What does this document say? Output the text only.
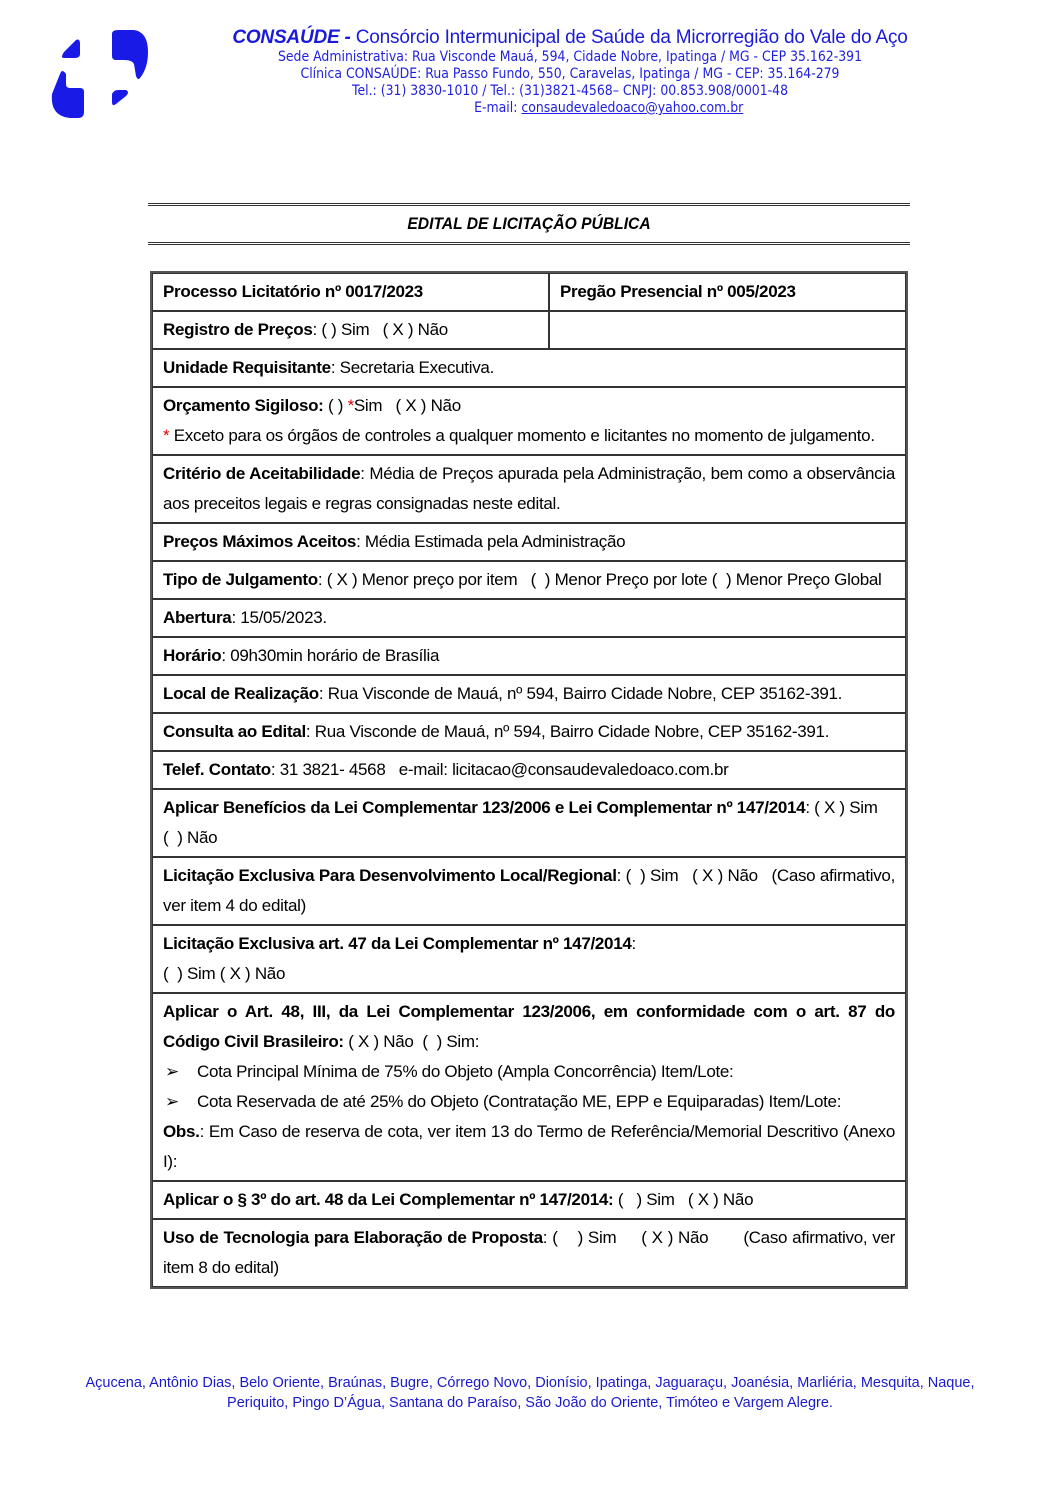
CONSAÚDE - Consórcio Intermunicipal de Saúde da Microrregião do Vale do Aço
Sede Administrativa: Rua Visconde Mauá, 594, Cidade Nobre, Ipatinga / MG - CEP 35.162-391
Clínica CONSAÚDE: Rua Passo Fundo, 550, Caravelas, Ipatinga / MG - CEP: 35.164-279
Tel.: (31) 3830-1010 / Tel.: (31)3821-4568– CNPJ: 00.853.908/0001-48
E-mail: consaudevaledoaco@yahoo.com.br
EDITAL DE LICITAÇÃO PÚBLICA
Processo Licitatório nº 0017/2023	Pregão Presencial nº 005/2023
Registro de Preços: ( ) Sim   ( X ) Não	
Unidade Requisitante: Secretaria Executiva.	

Orçamento Sigiloso: ( ) *Sim   ( X ) Não
* Exceto para os órgãos de controles a qualquer momento e licitantes no momento de julgamento.	

Critério de Aceitabilidade: Média de Preços apurada pela Administração, bem como a observância aos preceitos legais e regras consignadas neste edital.	
Preços Máximos Aceitos: Média Estimada pela Administração	
Tipo de Julgamento: ( X ) Menor preço por item   (  ) Menor Preço por lote (  ) Menor Preço Global	
Abertura: 15/05/2023.	
Horário: 09h30min horário de Brasília	
Local de Realização: Rua Visconde de Mauá, nº 594, Bairro Cidade Nobre, CEP 35162-391.	
Consulta ao Edital: Rua Visconde de Mauá, nº 594, Bairro Cidade Nobre, CEP 35162-391.	
Telef. Contato: 31 3821- 4568   e-mail: licitacao@consaudevaledoaco.com.br	
Aplicar Benefícios da Lei Complementar 123/2006 e Lei Complementar nº 147/2014: ( X ) Sim    (  ) Não	
Licitação Exclusiva Para Desenvolvimento Local/Regional: (  ) Sim   ( X ) Não   (Caso afirmativo, ver item 4 do edital)	

Licitação Exclusiva art. 47 da Lei Complementar nº 147/2014:
(  ) Sim ( X ) Não	

Aplicar o Art. 48, III, da Lei Complementar 123/2006, em conformidade com o art. 87 do Código Civil Brasileiro: ( X ) Não  (  ) Sim:
➢ Cota Principal Mínima de 75% do Objeto (Ampla Concorrência) Item/Lote:
➢ Cota Reservada de até 25% do Objeto (Contratação ME, EPP e Equiparadas) Item/Lote:
Obs.: Em Caso de reserva de cota, ver item 13 do Termo de Referência/Memorial Descritivo (Anexo I):

Aplicar o § 3º do art. 48 da Lei Complementar nº 147/2014: (   ) Sim   ( X ) Não	
Uso de Tecnologia para Elaboração de Proposta: (    ) Sim     ( X ) Não       (Caso afirmativo, ver item 8 do edital)	
Açucena, Antônio Dias, Belo Oriente, Braúnas, Bugre, Córrego Novo, Dionísio, Ipatinga, Jaguaraçu, Joanésia, Marliéria, Mesquita, Naque, Periquito, Pingo D’Água, Santana do Paraíso, São João do Oriente, Timóteo e Vargem Alegre.
